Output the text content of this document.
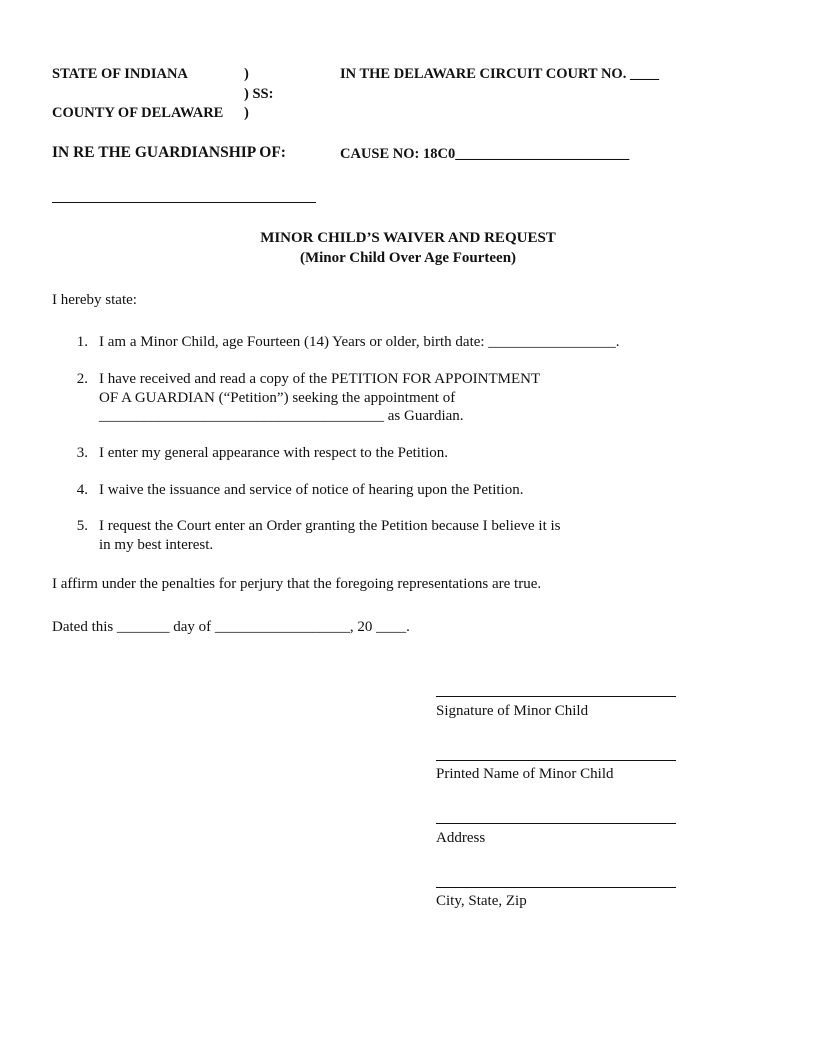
STATE OF INDIANA	)	IN THE DELAWARE CIRCUIT COURT NO. ____
) SS:
COUNTY OF DELAWARE )
IN RE THE GUARDIANSHIP OF:	CAUSE NO: 18C0________________________
MINOR CHILD’S WAIVER AND REQUEST
(Minor Child Over Age Fourteen)
I hereby state:
1. I am a Minor Child, age Fourteen (14) Years or older, birth date: _________________.
2. I have received and read a copy of the PETITION FOR APPOINTMENT
OF A GUARDIAN (“Petition”) seeking the appointment of
______________________________________ as Guardian.
3. I enter my general appearance with respect to the Petition.
4. I waive the issuance and service of notice of hearing upon the Petition.
5. I request the Court enter an Order granting the Petition because I believe it is
in my best interest.
I affirm under the penalties for perjury that the foregoing representations are true.
Dated this _______ day of __________________, 20 ____.
Signature of Minor Child
Printed Name of Minor Child
Address
City, State, Zip
